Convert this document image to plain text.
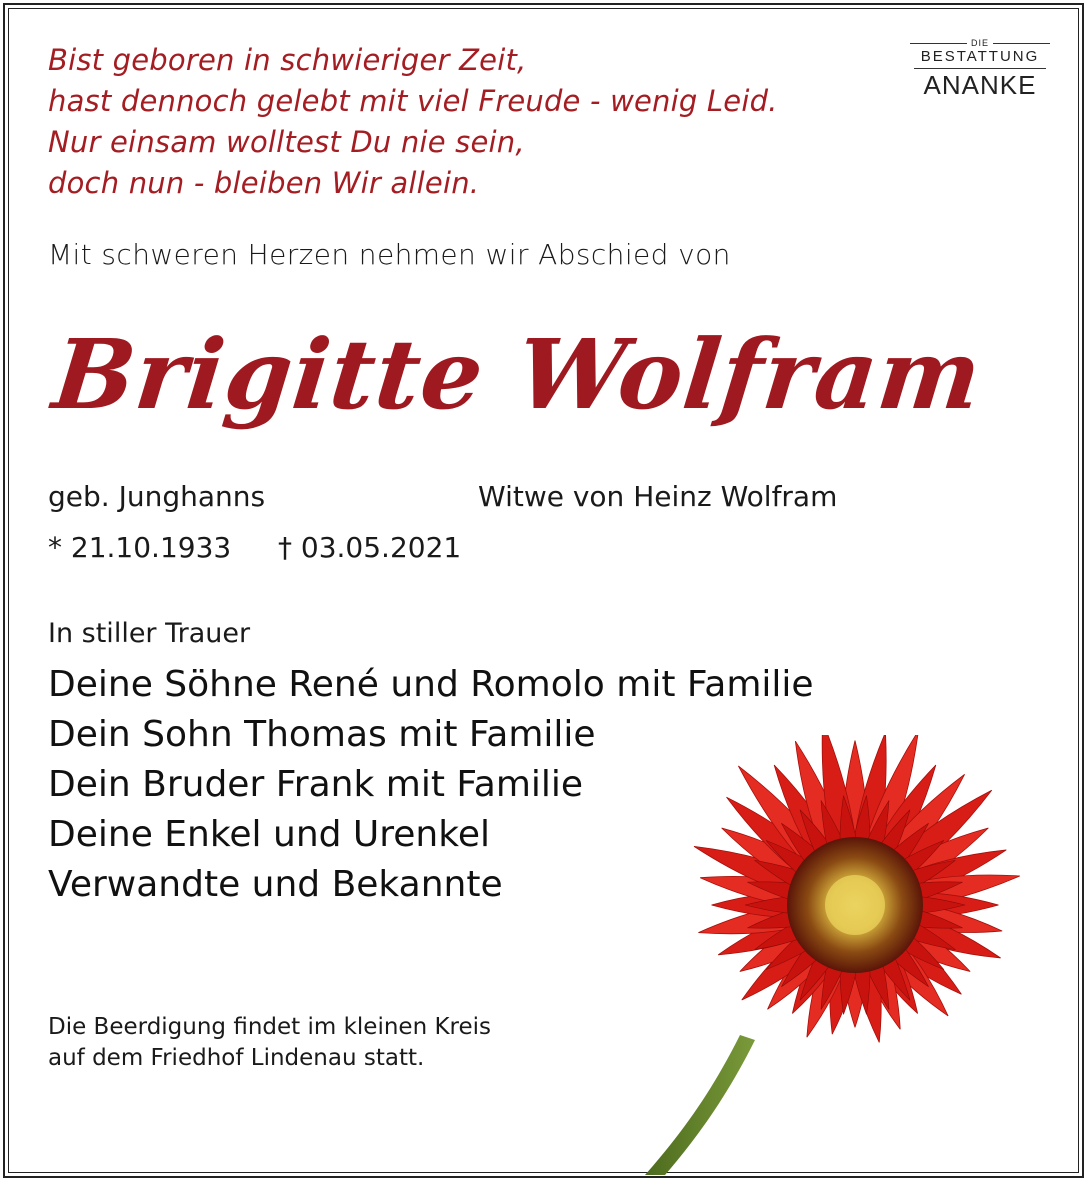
Bist geboren in schwieriger Zeit,
hast dennoch gelebt mit viel Freude - wenig Leid.
Nur einsam wolltest Du nie sein,
doch nun - bleiben Wir allein.
DIE
BESTATTUNG
ANANKE
Mit schweren Herzen nehmen wir Abschied von
Brigitte Wolfram
geb. Junghanns	Witwe von Heinz Wolfram
* 21.10.1933 † 03.05.2021
In stiller Trauer
Deine Söhne René und Romolo mit Familie
Dein Sohn Thomas mit Familie
Dein Bruder Frank mit Familie
Deine Enkel und Urenkel
Verwandte und Bekannte
Die Beerdigung findet im kleinen Kreis
auf dem Friedhof Lindenau statt.
